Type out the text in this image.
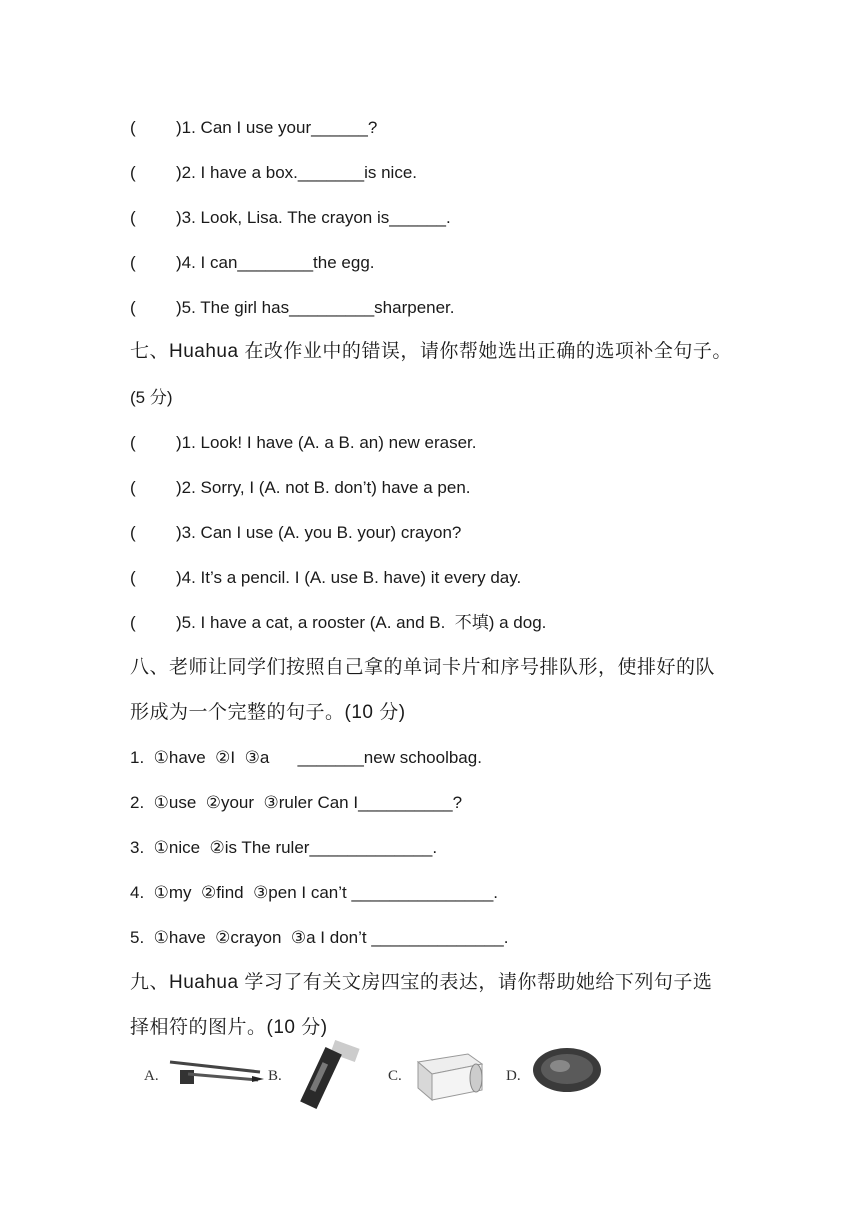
( )1. Can I use your______?
( )2. I have a box._______is nice.
( )3. Look, Lisa. The crayon is______.
( )4. I can________the egg.
( )5. The girl has_________sharpener.
七、Huahua 在改作业中的错误，请你帮她选出正确的选项补全句子。
(5 分)
( )1. Look! I have (A. a B. an) new eraser.
( )2. Sorry, I (A. not B. don’t) have a pen.
( )3. Can I use (A. you B. your) crayon?
( )4. It’s a pencil. I (A. use B. have) it every day.
( )5. I have a cat, a rooster (A. and B.  不填) a dog.
八、老师让同学们按照自己拿的单词卡片和序号排队形，使排好的队
形成为一个完整的句子。(10 分)
1.  ①have  ②I  ③a      _______new schoolbag.
2.  ①use  ②your  ③ruler Can I__________?
3.  ①nice  ②is The ruler_____________.
4.  ①my  ②find  ③pen I can’t _______________.
5.  ①have  ②crayon  ③a I don’t ______________.
九、Huahua 学习了有关文房四宝的表达，请你帮助她给下列句子选
择相符的图片。(10 分)
A.	B.	C.	D.
